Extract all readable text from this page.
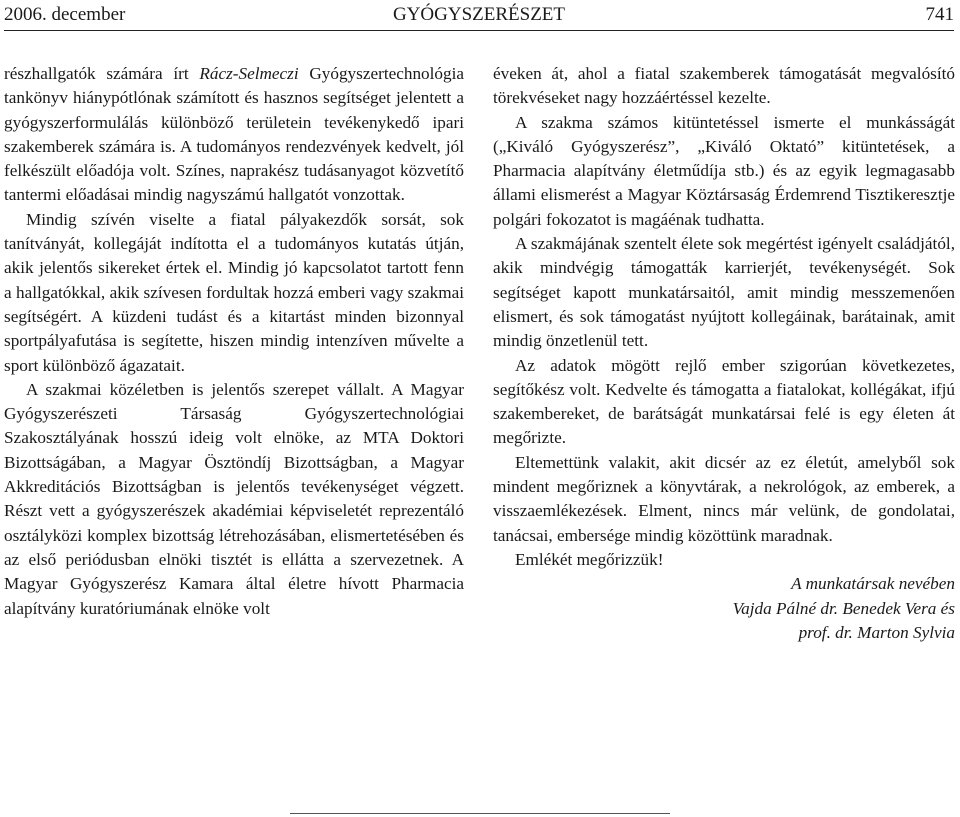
2006. december	GYÓGYSZERÉSZET	741

részhallgatók számára írt Rácz-Selmeczi Gyógyszertechnológia tankönyv hiánypótlónak számított és hasznos segítséget jelentett a gyógyszerformulálás különböző területein tevékenykedő ipari szakemberek számára is. A tudományos rendezvények kedvelt, jól felkészült előadója volt. Színes, naprakész tudásanyagot közvetítő tantermi előadásai mindig nagyszámú hallgatót vonzottak.

Mindig szívén viselte a fiatal pályakezdők sorsát, sok tanítványát, kollegáját indította el a tudományos kutatás útján, akik jelentős sikereket értek el. Mindig jó kapcsolatot tartott fenn a hallgatókkal, akik szívesen fordultak hozzá emberi vagy szakmai segítségért. A küzdeni tudást és a kitartást minden bizonnyal sportpályafutása is segítette, hiszen mindig intenzíven művelte a sport különböző ágazatait.

A szakmai közéletben is jelentős szerepet vállalt. A Magyar Gyógyszerészeti Társaság Gyógyszertechnológiai Szakosztályának hosszú ideig volt elnöke, az MTA Doktori Bizottságában, a Magyar Ösztöndíj Bizottságban, a Magyar Akkreditációs Bizottságban is jelentős tevékenységet végzett. Részt vett a gyógyszerészek akadémiai képviseletét reprezentáló osztályközi komplex bizottság létrehozásában, elismertetésében és az első periódusban elnöki tisztét is ellátta a szervezetnek. A Magyar Gyógyszerész Kamara által életre hívott Pharmacia alapítvány kuratóriumának elnöke volt

éveken át, ahol a fiatal szakemberek támogatását megvalósító törekvéseket nagy hozzáértéssel kezelte.

A szakma számos kitüntetéssel ismerte el munkásságát („Kiváló Gyógyszerész”, „Kiváló Oktató” kitüntetések, a Pharmacia alapítvány életműdíja stb.) és az egyik legmagasabb állami elismerést a Magyar Köztársaság Érdemrend Tisztikeresztje polgári fokozatot is magáénak tudhatta.

A szakmájának szentelt élete sok megértést igényelt családjától, akik mindvégig támogatták karrierjét, tevékenységét. Sok segítséget kapott munkatársaitól, amit mindig messzemenően elismert, és sok támogatást nyújtott kollegáinak, barátainak, amit mindig önzetlenül tett.

Az adatok mögött rejlő ember szigorúan következetes, segítőkész volt. Kedvelte és támogatta a fiatalokat, kollégákat, ifjú szakembereket, de barátságát munkatársai felé is egy életen át megőrizte.

Eltemettünk valakit, akit dicsér az ez életút, amelyből sok mindent megőriznek a könyvtárak, a nekrológok, az emberek, a visszaemlékezések. Elment, nincs már velünk, de gondolatai, tanácsai, embersége mindig közöttünk maradnak.

Emlékét megőrizzük!

A munkatársak nevében

Vajda Pálné dr. Benedek Vera és

prof. dr. Marton Sylvia
